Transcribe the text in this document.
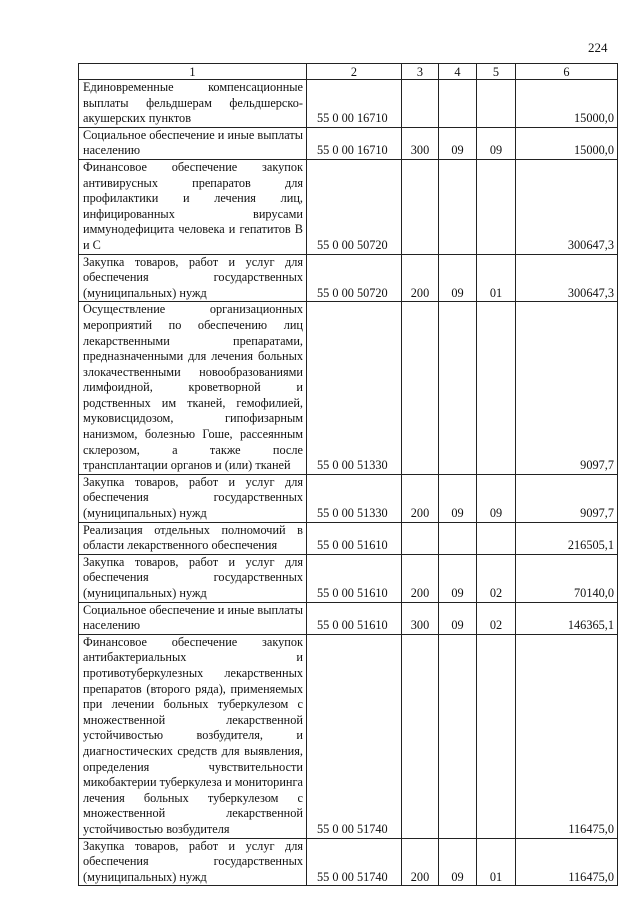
224
1	2	3	4	5	6
Единовременные компенсационные выплаты фельдшерам фельдшерско-акушерских пунктов	55 0 00 16710				15000,0
Социальное обеспечение и иные выплаты населению	55 0 00 16710	300	09	09	15000,0
Финансовое обеспечение закупок антивирусных препаратов для профилактики и лечения лиц, инфицированных вирусами иммунодефицита человека и гепатитов В и С	55 0 00 50720				300647,3
Закупка товаров, работ и услуг для обеспечения государственных (муниципальных) нужд	55 0 00 50720	200	09	01	300647,3
Осуществление организационных мероприятий по обеспечению лиц лекарственными препаратами, предназначенными для лечения больных злокачественными новообразованиями лимфоидной, кроветворной и родственных им тканей, гемофилией, муковисцидозом, гипофизарным нанизмом, болезнью Гоше, рассеянным склерозом, а также после трансплантации органов и (или) тканей	55 0 00 51330				9097,7
Закупка товаров, работ и услуг для обеспечения государственных (муниципальных) нужд	55 0 00 51330	200	09	09	9097,7
Реализация отдельных полномочий в области лекарственного обеспечения	55 0 00 51610				216505,1
Закупка товаров, работ и услуг для обеспечения государственных (муниципальных) нужд	55 0 00 51610	200	09	02	70140,0
Социальное обеспечение и иные выплаты населению	55 0 00 51610	300	09	02	146365,1
Финансовое обеспечение закупок антибактериальных и противотуберкулезных лекарственных препаратов (второго ряда), применяемых при лечении больных туберкулезом с множественной лекарственной устойчивостью возбудителя, и диагностических средств для выявления, определения чувствительности микобактерии туберкулеза и мониторинга лечения больных туберкулезом с множественной лекарственной устойчивостью возбудителя	55 0 00 51740				116475,0
Закупка товаров, работ и услуг для обеспечения государственных (муниципальных) нужд	55 0 00 51740	200	09	01	116475,0
